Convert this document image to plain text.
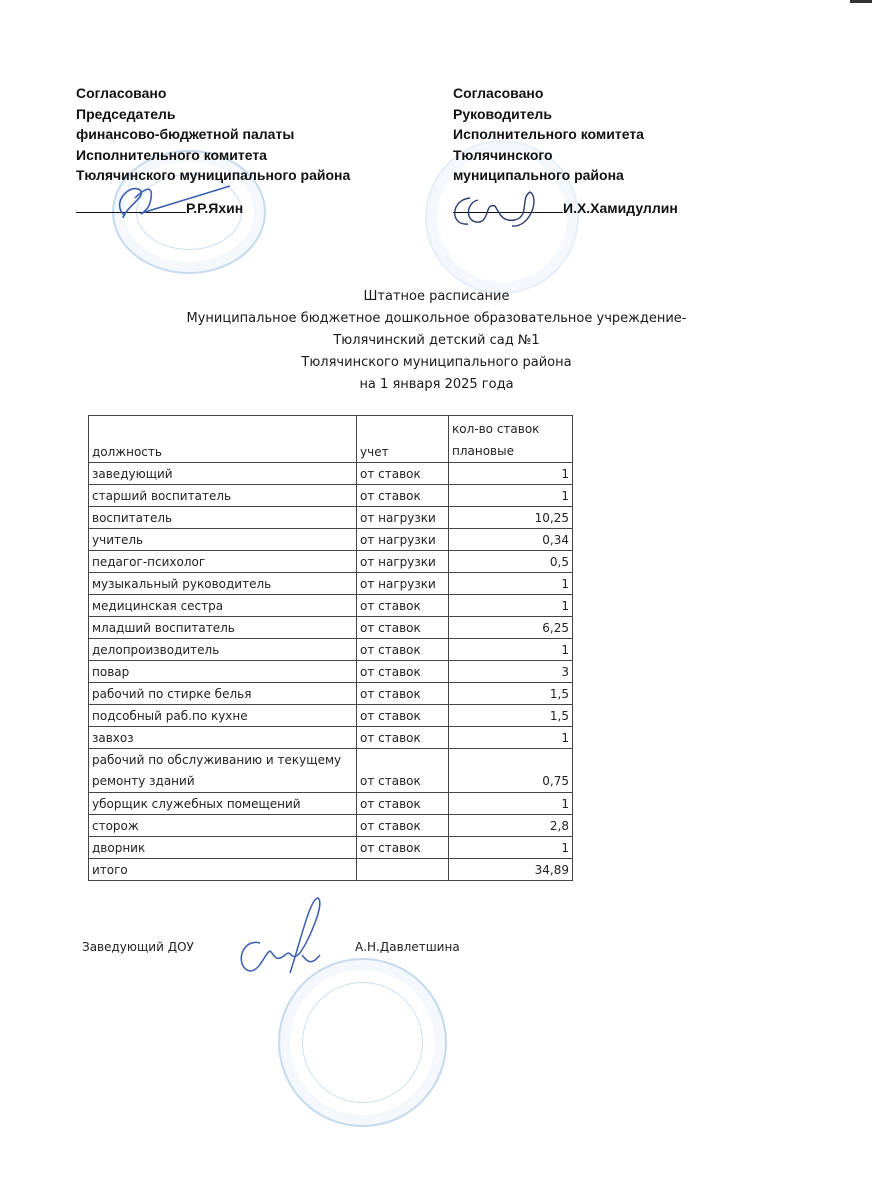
Согласовано
Председатель
финансово-бюджетной палаты
Исполнительного комитета
Тюлячинского муниципального района
Р.Р.Яхин
Согласовано
Руководитель
Исполнительного комитета
Тюлячинского
муниципального района
И.Х.Хамидуллин
Штатное расписание
Муниципальное бюджетное дошкольное образовательное учреждение-
Тюлячинский детский сад №1
Тюлячинского муниципального района
на 1 января 2025 года
должность	учет	кол-во ставок
плановые
заведующий	от ставок	1
старший воспитатель	от ставок	1
воспитатель	от нагрузки	10,25
учитель	от нагрузки	0,34
педагог-психолог	от нагрузки	0,5
музыкальный руководитель	от нагрузки	1
медицинская сестра	от ставок	1
младший воспитатель	от ставок	6,25
делопроизводитель	от ставок	1
повар	от ставок	3
рабочий по стирке белья	от ставок	1,5
подсобный раб.по кухне	от ставок	1,5
завхоз	от ставок	1
рабочий по обслуживанию и текущему
ремонту зданий	от ставок	0,75
уборщик служебных помещений	от ставок	1
сторож	от ставок	2,8
дворник	от ставок	1
итого		34,89
Заведующий ДОУ	А.Н.Давлетшина
